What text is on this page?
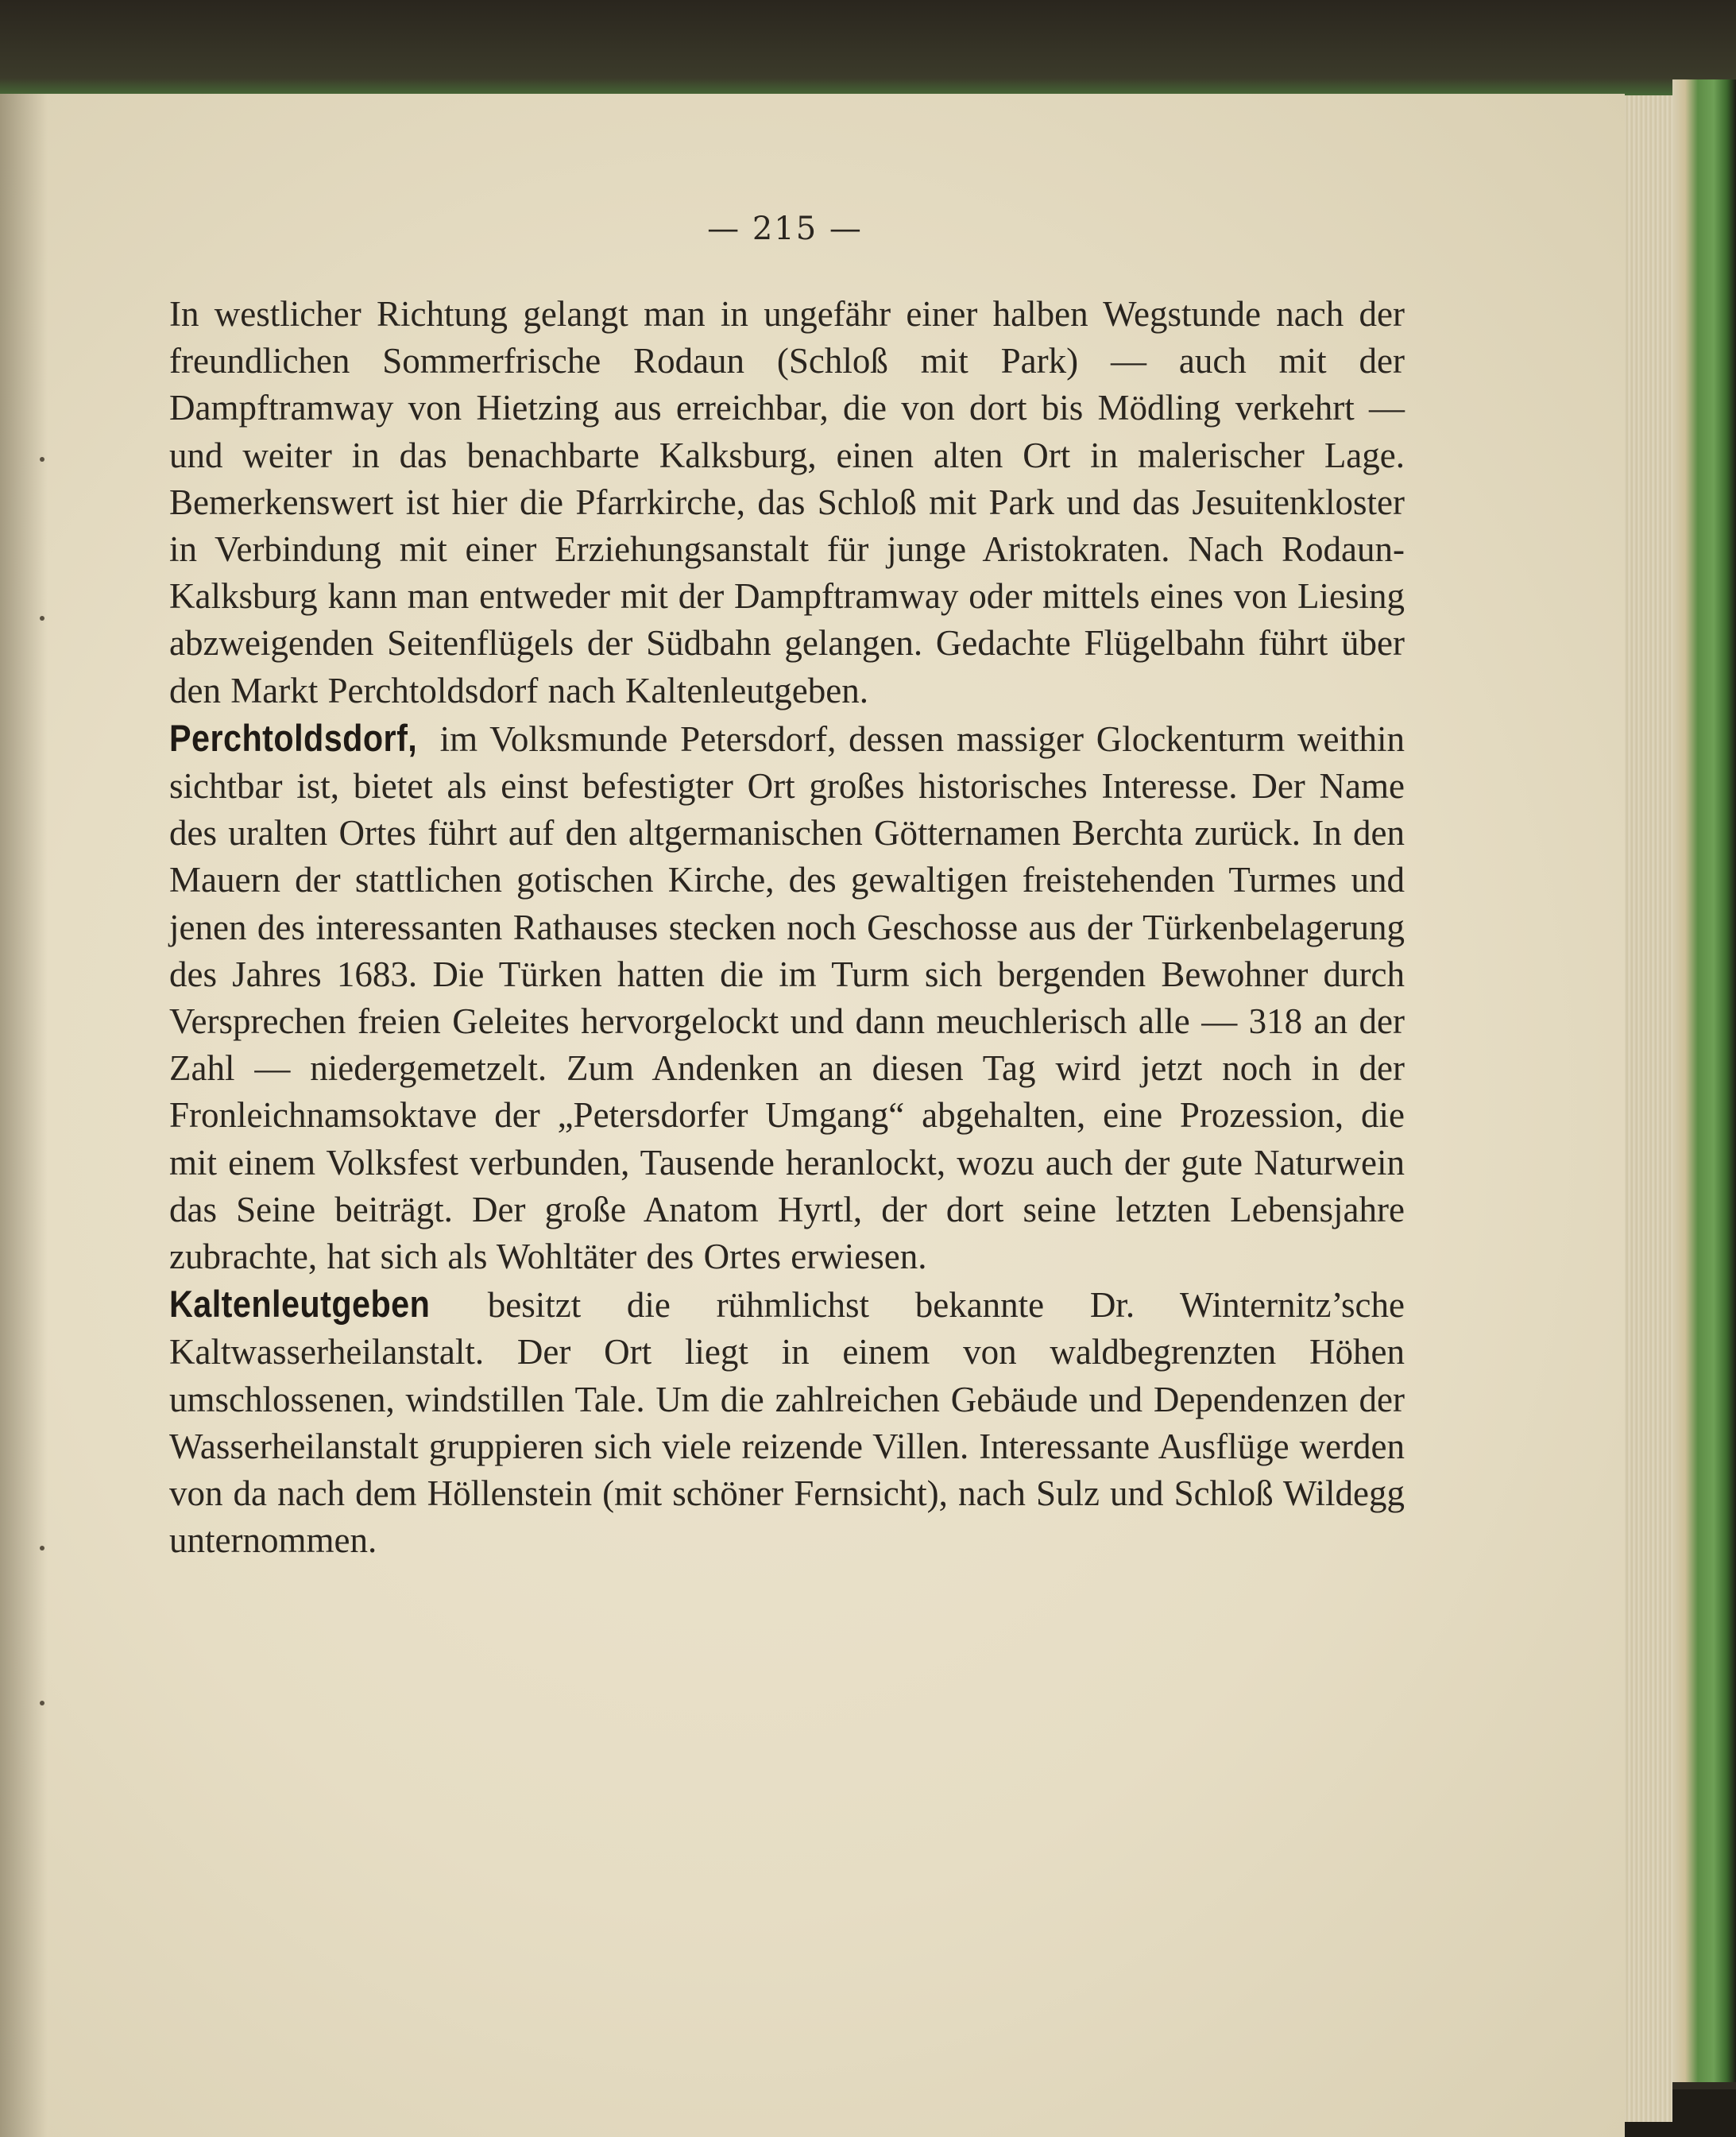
— 215 —

In westlicher Richtung gelangt man in ungefähr einer halben Wegstunde nach der freundlichen Sommerfrische Rodaun (Schloß mit Park) — auch mit der Dampftramway von Hietzing aus erreichbar, die von dort bis Mödling verkehrt — und weiter in das benachbarte Kalksburg, einen alten Ort in malerischer Lage. Bemerkenswert ist hier die Pfarrkirche, das Schloß mit Park und das Jesuitenkloster in Verbindung mit einer Erziehungsanstalt für junge Aristokraten. Nach Rodaun-Kalksburg kann man entweder mit der Dampftramway oder mittels eines von Liesing abzweigenden Seitenflügels der Südbahn gelangen. Gedachte Flügelbahn führt über den Markt Perchtoldsdorf nach Kaltenleutgeben.

Perchtoldsdorf, im Volksmunde Petersdorf, dessen massiger Glockenturm weithin sichtbar ist, bietet als einst befestigter Ort großes historisches Interesse. Der Name des uralten Ortes führt auf den altgermanischen Götternamen Berchta zurück. In den Mauern der stattlichen gotischen Kirche, des gewaltigen freistehenden Turmes und jenen des interessanten Rathauses stecken noch Geschosse aus der Türkenbelagerung des Jahres 1683. Die Türken hatten die im Turm sich bergenden Bewohner durch Versprechen freien Geleites hervorgelockt und dann meuchlerisch alle — 318 an der Zahl — niedergemetzelt. Zum Andenken an diesen Tag wird jetzt noch in der Fronleichnamsoktave der „Petersdorfer Umgang“ abgehalten, eine Prozession, die mit einem Volksfest verbunden, Tausende heranlockt, wozu auch der gute Naturwein das Seine beiträgt. Der große Anatom Hyrtl, der dort seine letzten Lebensjahre zubrachte, hat sich als Wohltäter des Ortes erwiesen.

Kaltenleutgeben besitzt die rühmlichst bekannte Dr. Winternitz’sche Kaltwasserheilanstalt. Der Ort liegt in einem von waldbegrenzten Höhen umschlossenen, windstillen Tale. Um die zahlreichen Gebäude und Dependenzen der Wasserheilanstalt gruppieren sich viele reizende Villen. Interessante Ausflüge werden von da nach dem Höllenstein (mit schöner Fernsicht), nach Sulz und Schloß Wildegg unternommen.
